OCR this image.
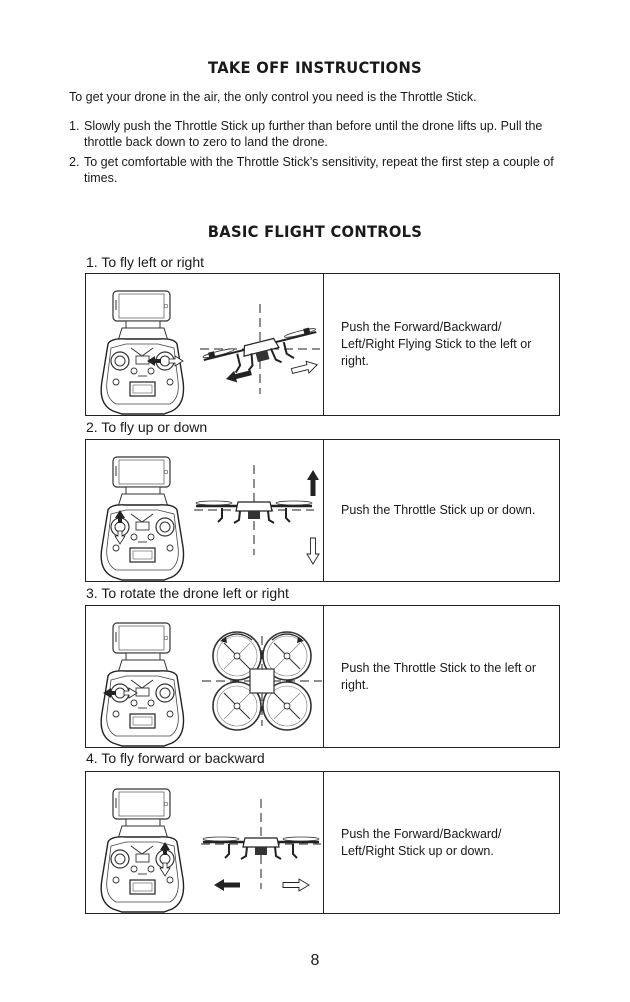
TAKE OFF INSTRUCTIONS
To get your drone in the air, the only control you need is the Throttle Stick.
1. Slowly push the Throttle Stick up further than before until the drone lifts up. Pull the throttle back down to zero to land the drone.
2. To get comfortable with the Throttle Stick’s sensitivity, repeat the first step a couple of times.
BASIC FLIGHT CONTROLS
1. To fly left or right
Push the Forward/Backward/ Left/Right Flying Stick to the left or right.
2. To fly up or down
Push the Throttle Stick up or down.
3. To rotate the drone left or right
Push the Throttle Stick to the left or right.
4. To fly forward or backward
Push the Forward/Backward/ Left/Right Stick up or down.
8
